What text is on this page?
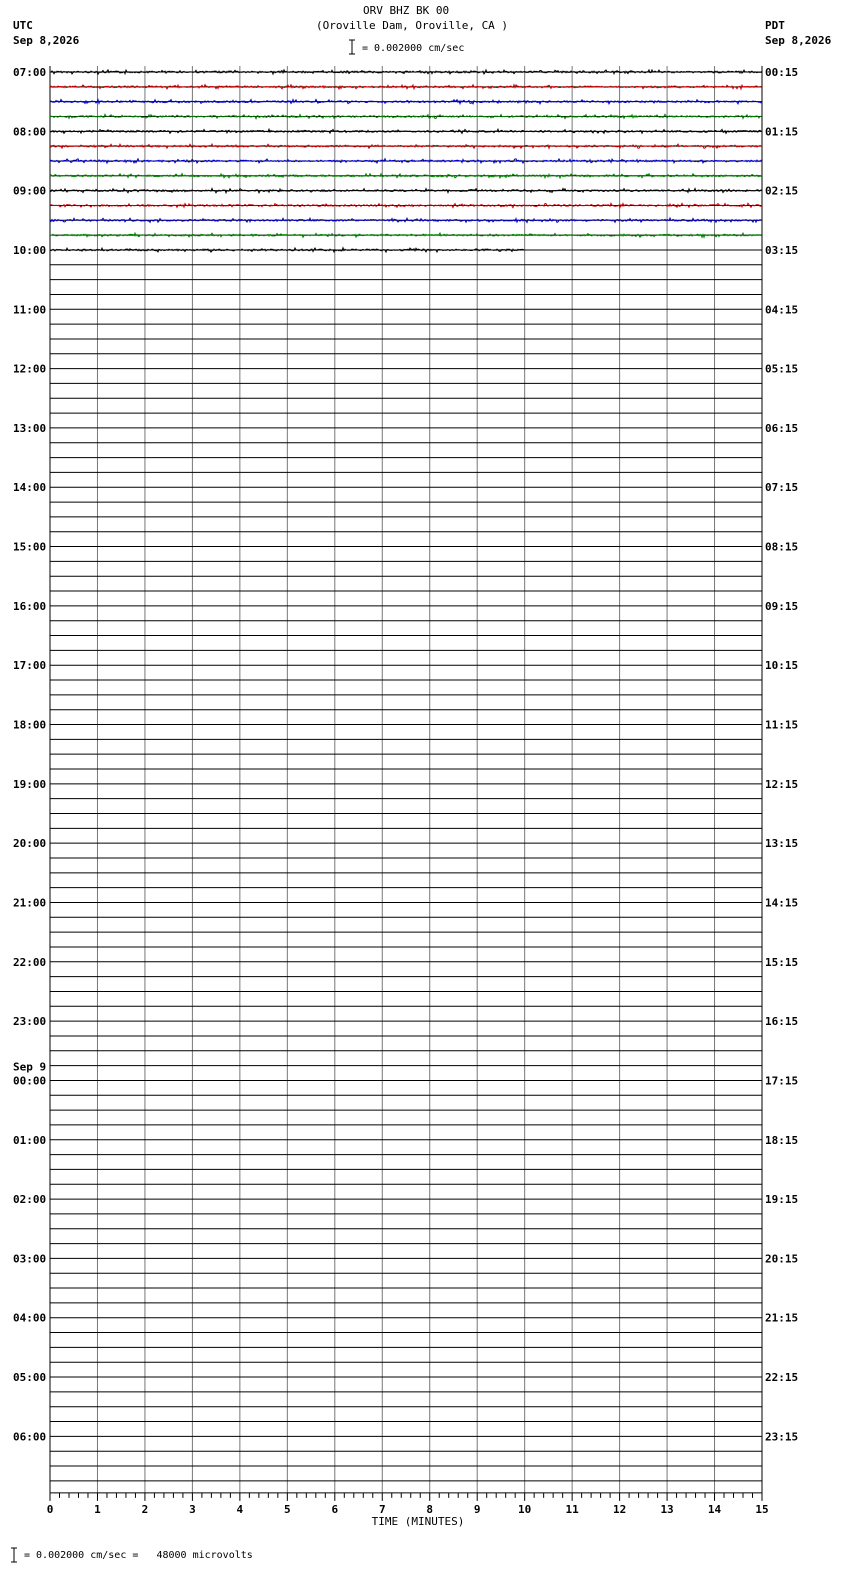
ORV BHZ BK 00
(Oroville Dam, Oroville, CA )
UTC
Sep 8,2026
PDT
Sep 8,2026
= 0.002000 cm/sec
= 0.002000 cm/sec =   48000 microvolts
0	1	2	3	4	5	6	7	8	9	10	11	12	13	14	15
TIME (MINUTES)
07:00
08:00
09:00
10:00
11:00
12:00
13:00
14:00
15:00
16:00
17:00
18:00
19:00
20:00
21:00
22:00
23:00
00:00
01:00
02:00
03:00
04:00
05:00
06:00
00:15
01:15
02:15
03:15
04:15
05:15
06:15
07:15
08:15
09:15
10:15
11:15
12:15
13:15
14:15
15:15
16:15
17:15
18:15
19:15
20:15
21:15
22:15
23:15
Sep 9
